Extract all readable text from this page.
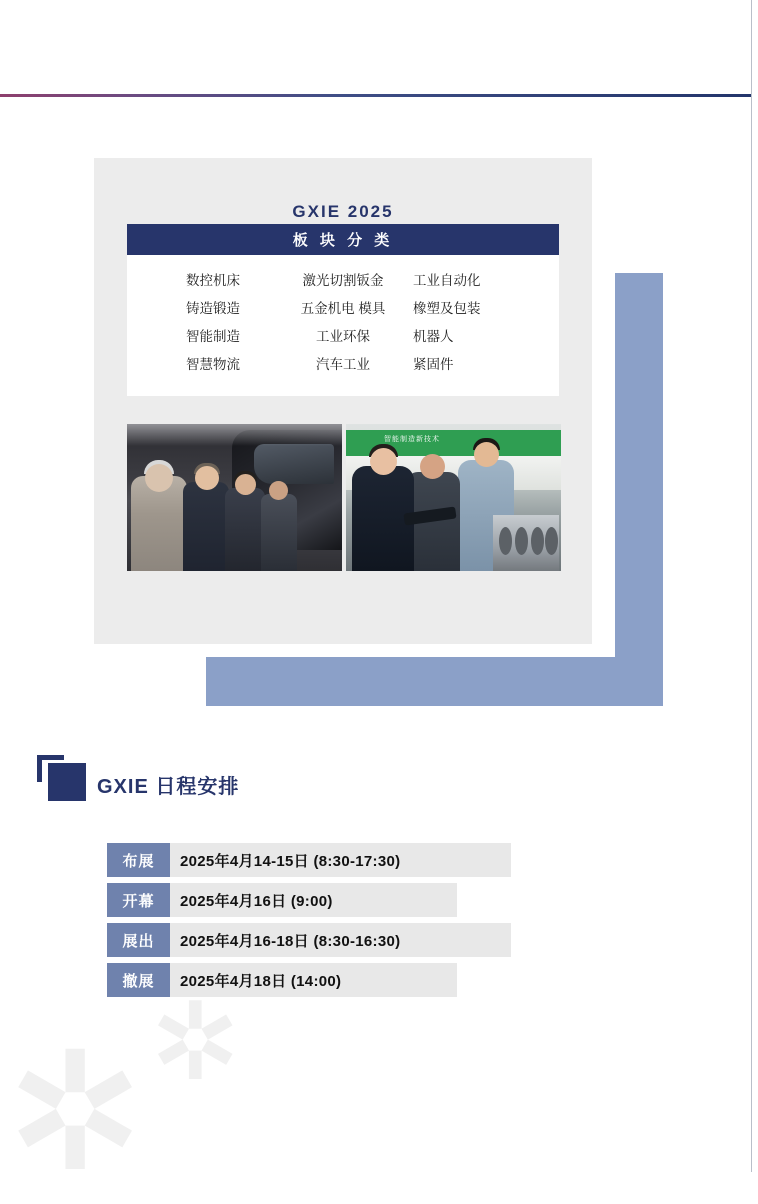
GXIE 2025
板 块 分 类
数控机床	激光切割钣金	工业自动化
铸造锻造	五金机电 模具	橡塑及包装
智能制造	工业环保	机器人
智慧物流	汽车工业	紧固件
智能制造新技术
GXIE 日程安排
布展	2025年4月14-15日 (8:30-17:30)
开幕	2025年4月16日 (9:00)
展出	2025年4月16-18日 (8:30-16:30)
撤展	2025年4月18日 (14:00)
✲ ✲
